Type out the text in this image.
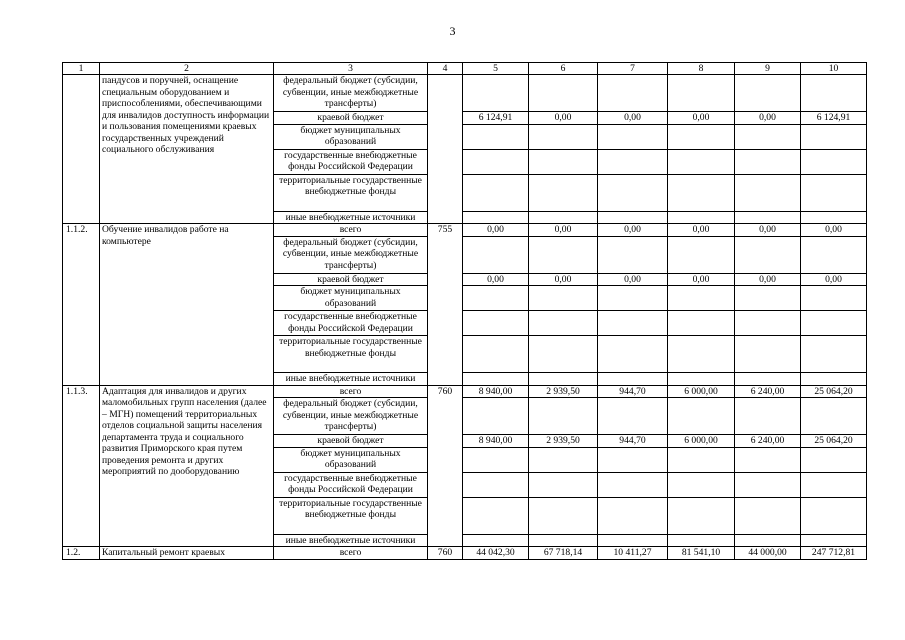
3
1	2	3	4	5	6	7	8	9	10
	пандусов и поручней, оснащение специальным оборудованием и приспособлениями, обеспечивающими для инвалидов доступность информации и пользования помещениями краевых государственных учреждений социального обслуживания	федеральный бюджет (субсидии, субвенции, иные межбюджетные трансферты)							
		краевой бюджет		6 124,91	0,00	0,00	0,00	0,00	6 124,91
		бюджет муниципальных образований							
		государственные внебюджетные фонды Российской Федерации							
		территориальные государственные внебюджетные фонды							
		иные внебюджетные источники							
1.1.2.	Обучение инвалидов работе на компьютере	всего	755	0,00	0,00	0,00	0,00	0,00	0,00
		федеральный бюджет (субсидии, субвенции, иные межбюджетные трансферты)							
		краевой бюджет		0,00	0,00	0,00	0,00	0,00	0,00
		бюджет муниципальных образований							
		государственные внебюджетные фонды Российской Федерации							
		территориальные государственные внебюджетные фонды							
		иные внебюджетные источники							
1.1.3.	Адаптация для инвалидов и других маломобильных групп населения (далее – МГН) помещений территориальных отделов социальной защиты населения департамента труда и социального развития Приморского края путем проведения ремонта и других мероприятий по дооборудованию	всего	760	8 940,00	2 939,50	944,70	6 000,00	6 240,00	25 064,20
		федеральный бюджет (субсидии, субвенции, иные межбюджетные трансферты)							
		краевой бюджет		8 940,00	2 939,50	944,70	6 000,00	6 240,00	25 064,20
		бюджет муниципальных образований							
		государственные внебюджетные фонды Российской Федерации							
		территориальные государственные внебюджетные фонды							
		иные внебюджетные источники							
1.2.	Капитальный ремонт краевых	всего	760	44 042,30	67 718,14	10 411,27	81 541,10	44 000,00	247 712,81
